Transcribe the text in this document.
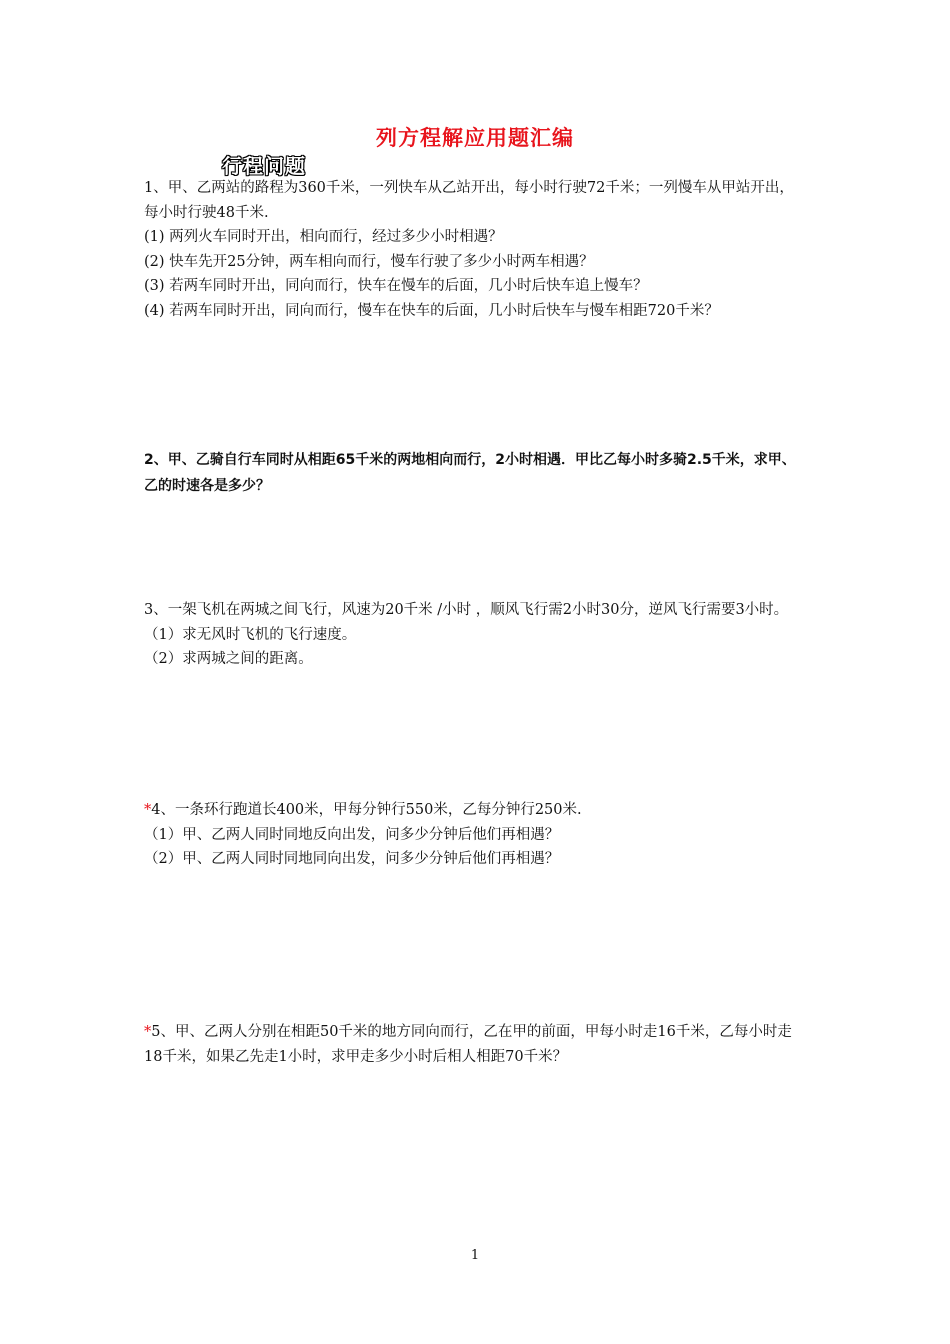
列方程解应用题汇编
行程问题

1、甲、乙两站的路程为360千米，一列快车从乙站开出，每小时行驶72千米；一列慢车从甲站开出，每小时行驶48千米.

(1) 两列火车同时开出，相向而行，经过多少小时相遇？

(2) 快车先开25分钟，两车相向而行，慢车行驶了多少小时两车相遇？

(3) 若两车同时开出，同向而行，快车在慢车的后面，几小时后快车追上慢车？

(4) 若两车同时开出，同向而行，慢车在快车的后面，几小时后快车与慢车相距720千米？

2、甲、乙骑自行车同时从相距65千米的两地相向而行，2小时相遇．甲比乙每小时多骑2.5千米，求甲、乙的时速各是多少？

3、一架飞机在两城之间飞行，风速为20千米 /小时 ，顺风飞行需2小时30分，逆风飞行需要3小时。

（1）求无风时飞机的飞行速度。

（2）求两城之间的距离。

*4、一条环行跑道长400米，甲每分钟行550米，乙每分钟行250米.

（1）甲、乙两人同时同地反向出发，问多少分钟后他们再相遇？

（2）甲、乙两人同时同地同向出发，问多少分钟后他们再相遇？

*5、甲、乙两人分别在相距50千米的地方同向而行，乙在甲的前面，甲每小时走16千米，乙每小时走18千米，如果乙先走1小时，求甲走多少小时后相人相距70千米？

1
